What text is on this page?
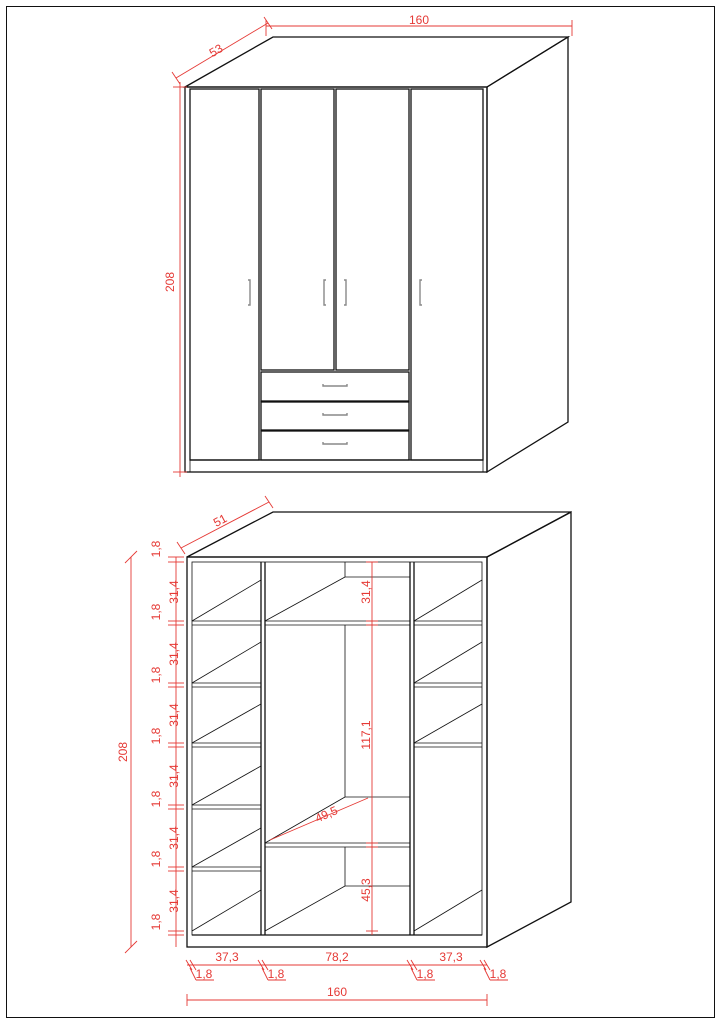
160
53
208
51
208
1,8
31,4
1,8
31,4
1,8
31,4
1,8
31,4
1,8
31,4
1,8
31,4
1,8
31,4
117,1
45,3
49,5
37,3	78,2	37,3
1,8	1,8	1,8	1,8
160
